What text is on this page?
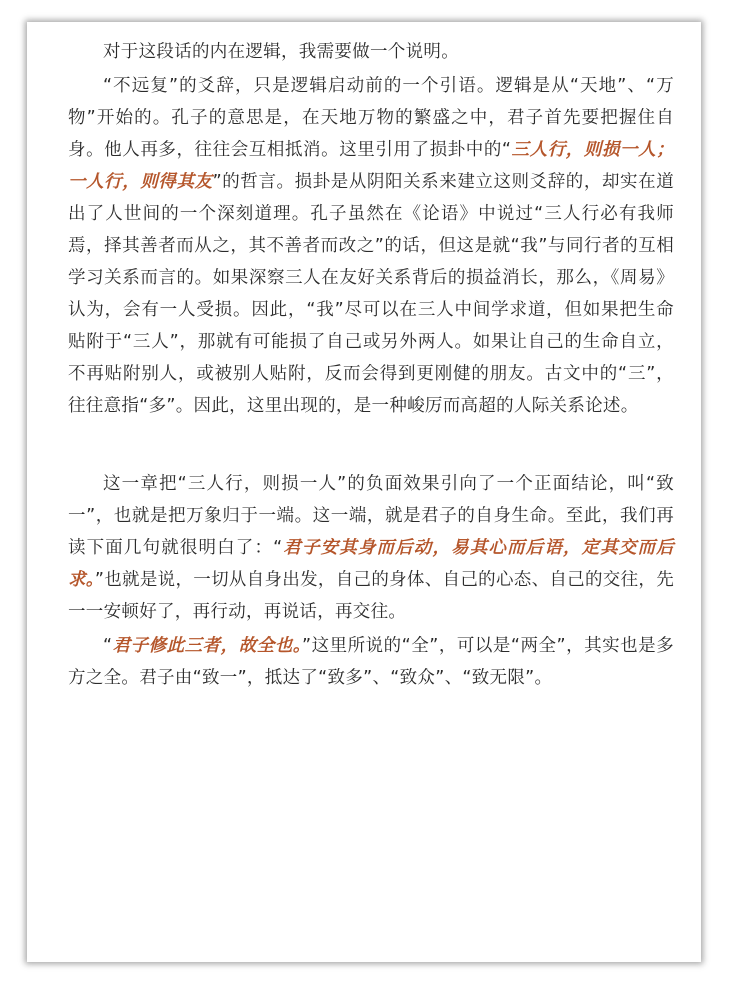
对于这段话的内在逻辑，我需要做一个说明。

“不远复”的爻辞，只是逻辑启动前的一个引语。逻辑是从“天地”、“万物”开始的。孔子的意思是，在天地万物的繁盛之中，君子首先要把握住自身。他人再多，往往会互相抵消。这里引用了损卦中的“三人行，则损一人；一人行，则得其友”的哲言。损卦是从阴阳关系来建立这则爻辞的，却实在道出了人世间的一个深刻道理。孔子虽然在《论语》中说过“三人行必有我师焉，择其善者而从之，其不善者而改之”的话，但这是就“我”与同行者的互相学习关系而言的。如果深察三人在友好关系背后的损益消长，那么，《周易》认为，会有一人受损。因此，“我”尽可以在三人中间学求道，但如果把生命贴附于“三人”，那就有可能损了自己或另外两人。如果让自己的生命自立，不再贴附别人，或被别人贴附，反而会得到更刚健的朋友。古文中的“三”，往往意指“多”。因此，这里出现的，是一种峻厉而高超的人际关系论述。

这一章把“三人行，则损一人”的负面效果引向了一个正面结论，叫“致一”，也就是把万象归于一端。这一端，就是君子的自身生命。至此，我们再读下面几句就很明白了：“君子安其身而后动，易其心而后语，定其交而后求。”也就是说，一切从自身出发，自己的身体、自己的心态、自己的交往，先一一安顿好了，再行动，再说话，再交往。

“君子修此三者，故全也。”这里所说的“全”，可以是“两全”，其实也是多方之全。君子由“致一”，抵达了“致多”、“致众”、“致无限”。
